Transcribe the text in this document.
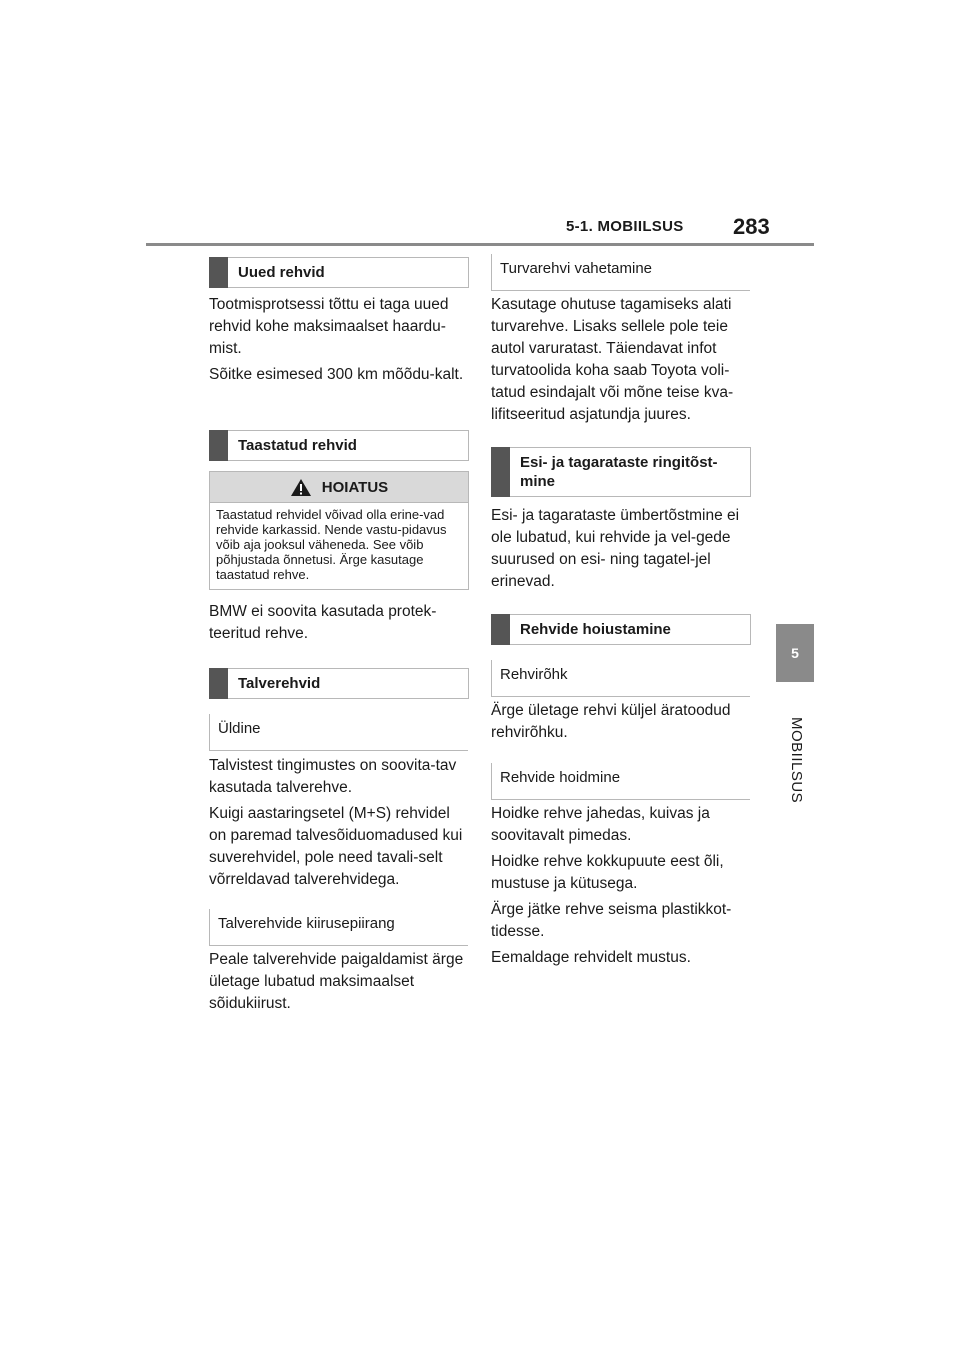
5-1. MOBIILSUS 283
5
MOBIILSUS
Uued rehvid

Tootmisprotsessi tõttu ei taga uued rehvid kohe maksimaalset haardu-mist.

Sõitke esimesed 300 km mõõdu-kalt.

Taastatud rehvid
HOIATUS
Taastatud rehvidel võivad olla erine-vad rehvide karkassid. Nende vastu-pidavus võib aja jooksul väheneda. See võib põhjustada õnnetusi. Ärge kasutage taastatud rehve.

BMW ei soovita kasutada protek-teeritud rehve.

Talverehvid
Üldine

Talvistest tingimustes on soovita-tav kasutada talverehve.

Kuigi aastaringsetel (M+S) rehvidel on paremad talvesõiduomadused kui suverehvidel, pole need tavali-selt võrreldavad talverehvidega.

Talverehvide kiirusepiirang

Peale talverehvide paigaldamist ärge ületage lubatud maksimaalset sõidukiirust.

Turvarehvi vahetamine

Kasutage ohutuse tagamiseks alati turvarehve. Lisaks sellele pole teie autol varuratast. Täiendavat infot turvatoolida koha saab Toyota voli-tatud esindajalt või mõne teise kva-lifitseeritud asjatundja juures.

Esi- ja tagarataste ringitõst-mine

Esi- ja tagarataste ümbertõstmine ei ole lubatud, kui rehvide ja vel-gede suurused on esi- ning tagatel-jel erinevad.

Rehvide hoiustamine
Rehvirõhk

Ärge ületage rehvi küljel äratoodud rehvirõhku.

Rehvide hoidmine

Hoidke rehve jahedas, kuivas ja soovitavalt pimedas.

Hoidke rehve kokkupuute eest õli, mustuse ja kütusega.

Ärge jätke rehve seisma plastikkot-tidesse.

Eemaldage rehvidelt mustus.
